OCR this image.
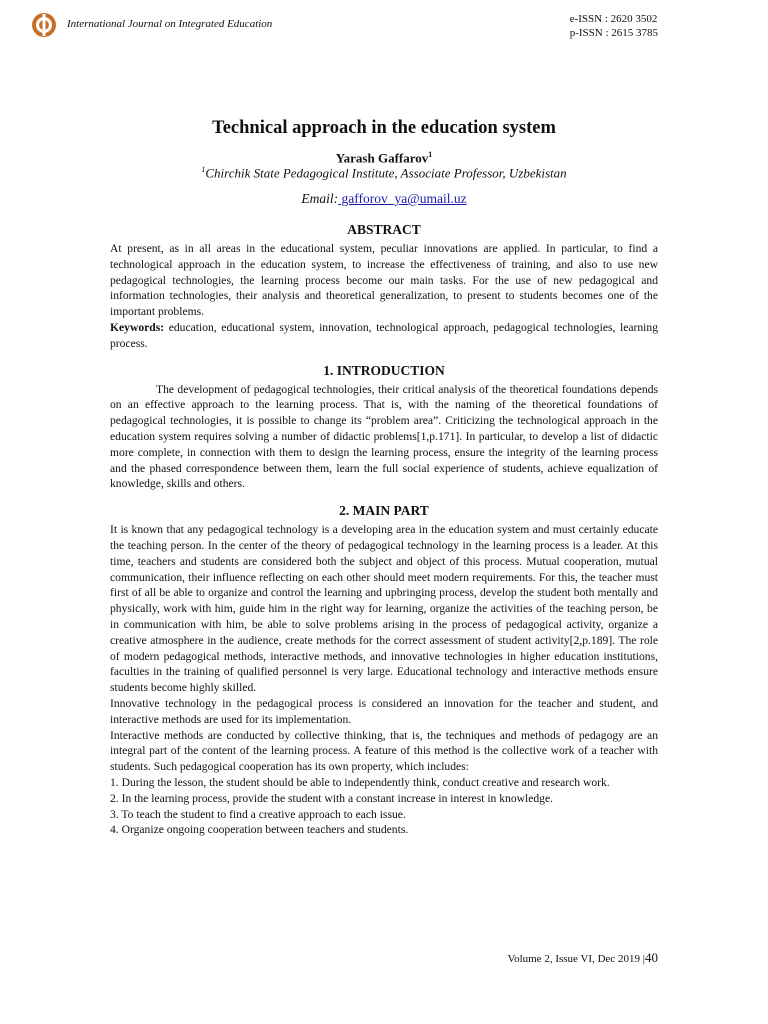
International Journal on Integrated Education	e-ISSN : 2620 3502
p-ISSN : 2615 3785
Technical approach in the education system
Yarash Gaffarov$^1$
$^1$Chirchik State Pedagogical Institute, Associate Professor, Uzbekistan
Email: gafforov_ya@umail.uz
ABSTRACT

At present, as in all areas in the educational system, peculiar innovations are applied. In particular, to find a technological approach in the education system, to increase the effectiveness of training, and also to use new pedagogical technologies, the learning process become our main tasks. For the use of new pedagogical and information technologies, their analysis and theoretical generalization, to present to students becomes one of the important problems.

Keywords: education, educational system, innovation, technological approach, pedagogical technologies, learning process.

1. INTRODUCTION

The development of pedagogical technologies, their critical analysis of the theoretical foundations depends on an effective approach to the learning process. That is, with the naming of the theoretical foundations of pedagogical technologies, it is possible to change its “problem area”. Criticizing the technological approach in the education system requires solving a number of didactic problems[1,p.171]. In particular, to develop a list of didactic more complete, in connection with them to design the learning process, ensure the integrity of the learning process and the phased correspondence between them, learn the full social experience of students, achieve equalization of knowledge, skills and others.

2. MAIN PART

It is known that any pedagogical technology is a developing area in the education system and must certainly educate the teaching person. In the center of the theory of pedagogical technology in the learning process is a leader. At this time, teachers and students are considered both the subject and object of this process. Mutual cooperation, mutual communication, their influence reflecting on each other should meet modern requirements. For this, the teacher must first of all be able to organize and control the learning and upbringing process, develop the student both mentally and physically, work with him, guide him in the right way for learning, organize the activities of the teaching person, be in communication with him, be able to solve problems arising in the process of pedagogical activity, organize a creative atmosphere in the audience, create methods for the correct assessment of student activity[2,p.189]. The role of modern pedagogical methods, interactive methods, and innovative technologies in higher education institutions, faculties in the training of qualified personnel is very large. Educational technology and interactive methods ensure students become highly skilled.

Innovative technology in the pedagogical process is considered an innovation for the teacher and student, and interactive methods are used for its implementation.

Interactive methods are conducted by collective thinking, that is, the techniques and methods of pedagogy are an integral part of the content of the learning process. A feature of this method is the collective work of a teacher with students. Such pedagogical cooperation has its own property, which includes:

1. During the lesson, the student should be able to independently think, conduct creative and research work.

2. In the learning process, provide the student with a constant increase in interest in knowledge.

3. To teach the student to find a creative approach to each issue.

4. Organize ongoing cooperation between teachers and students.

Volume 2, Issue VI, Dec 2019 |40
